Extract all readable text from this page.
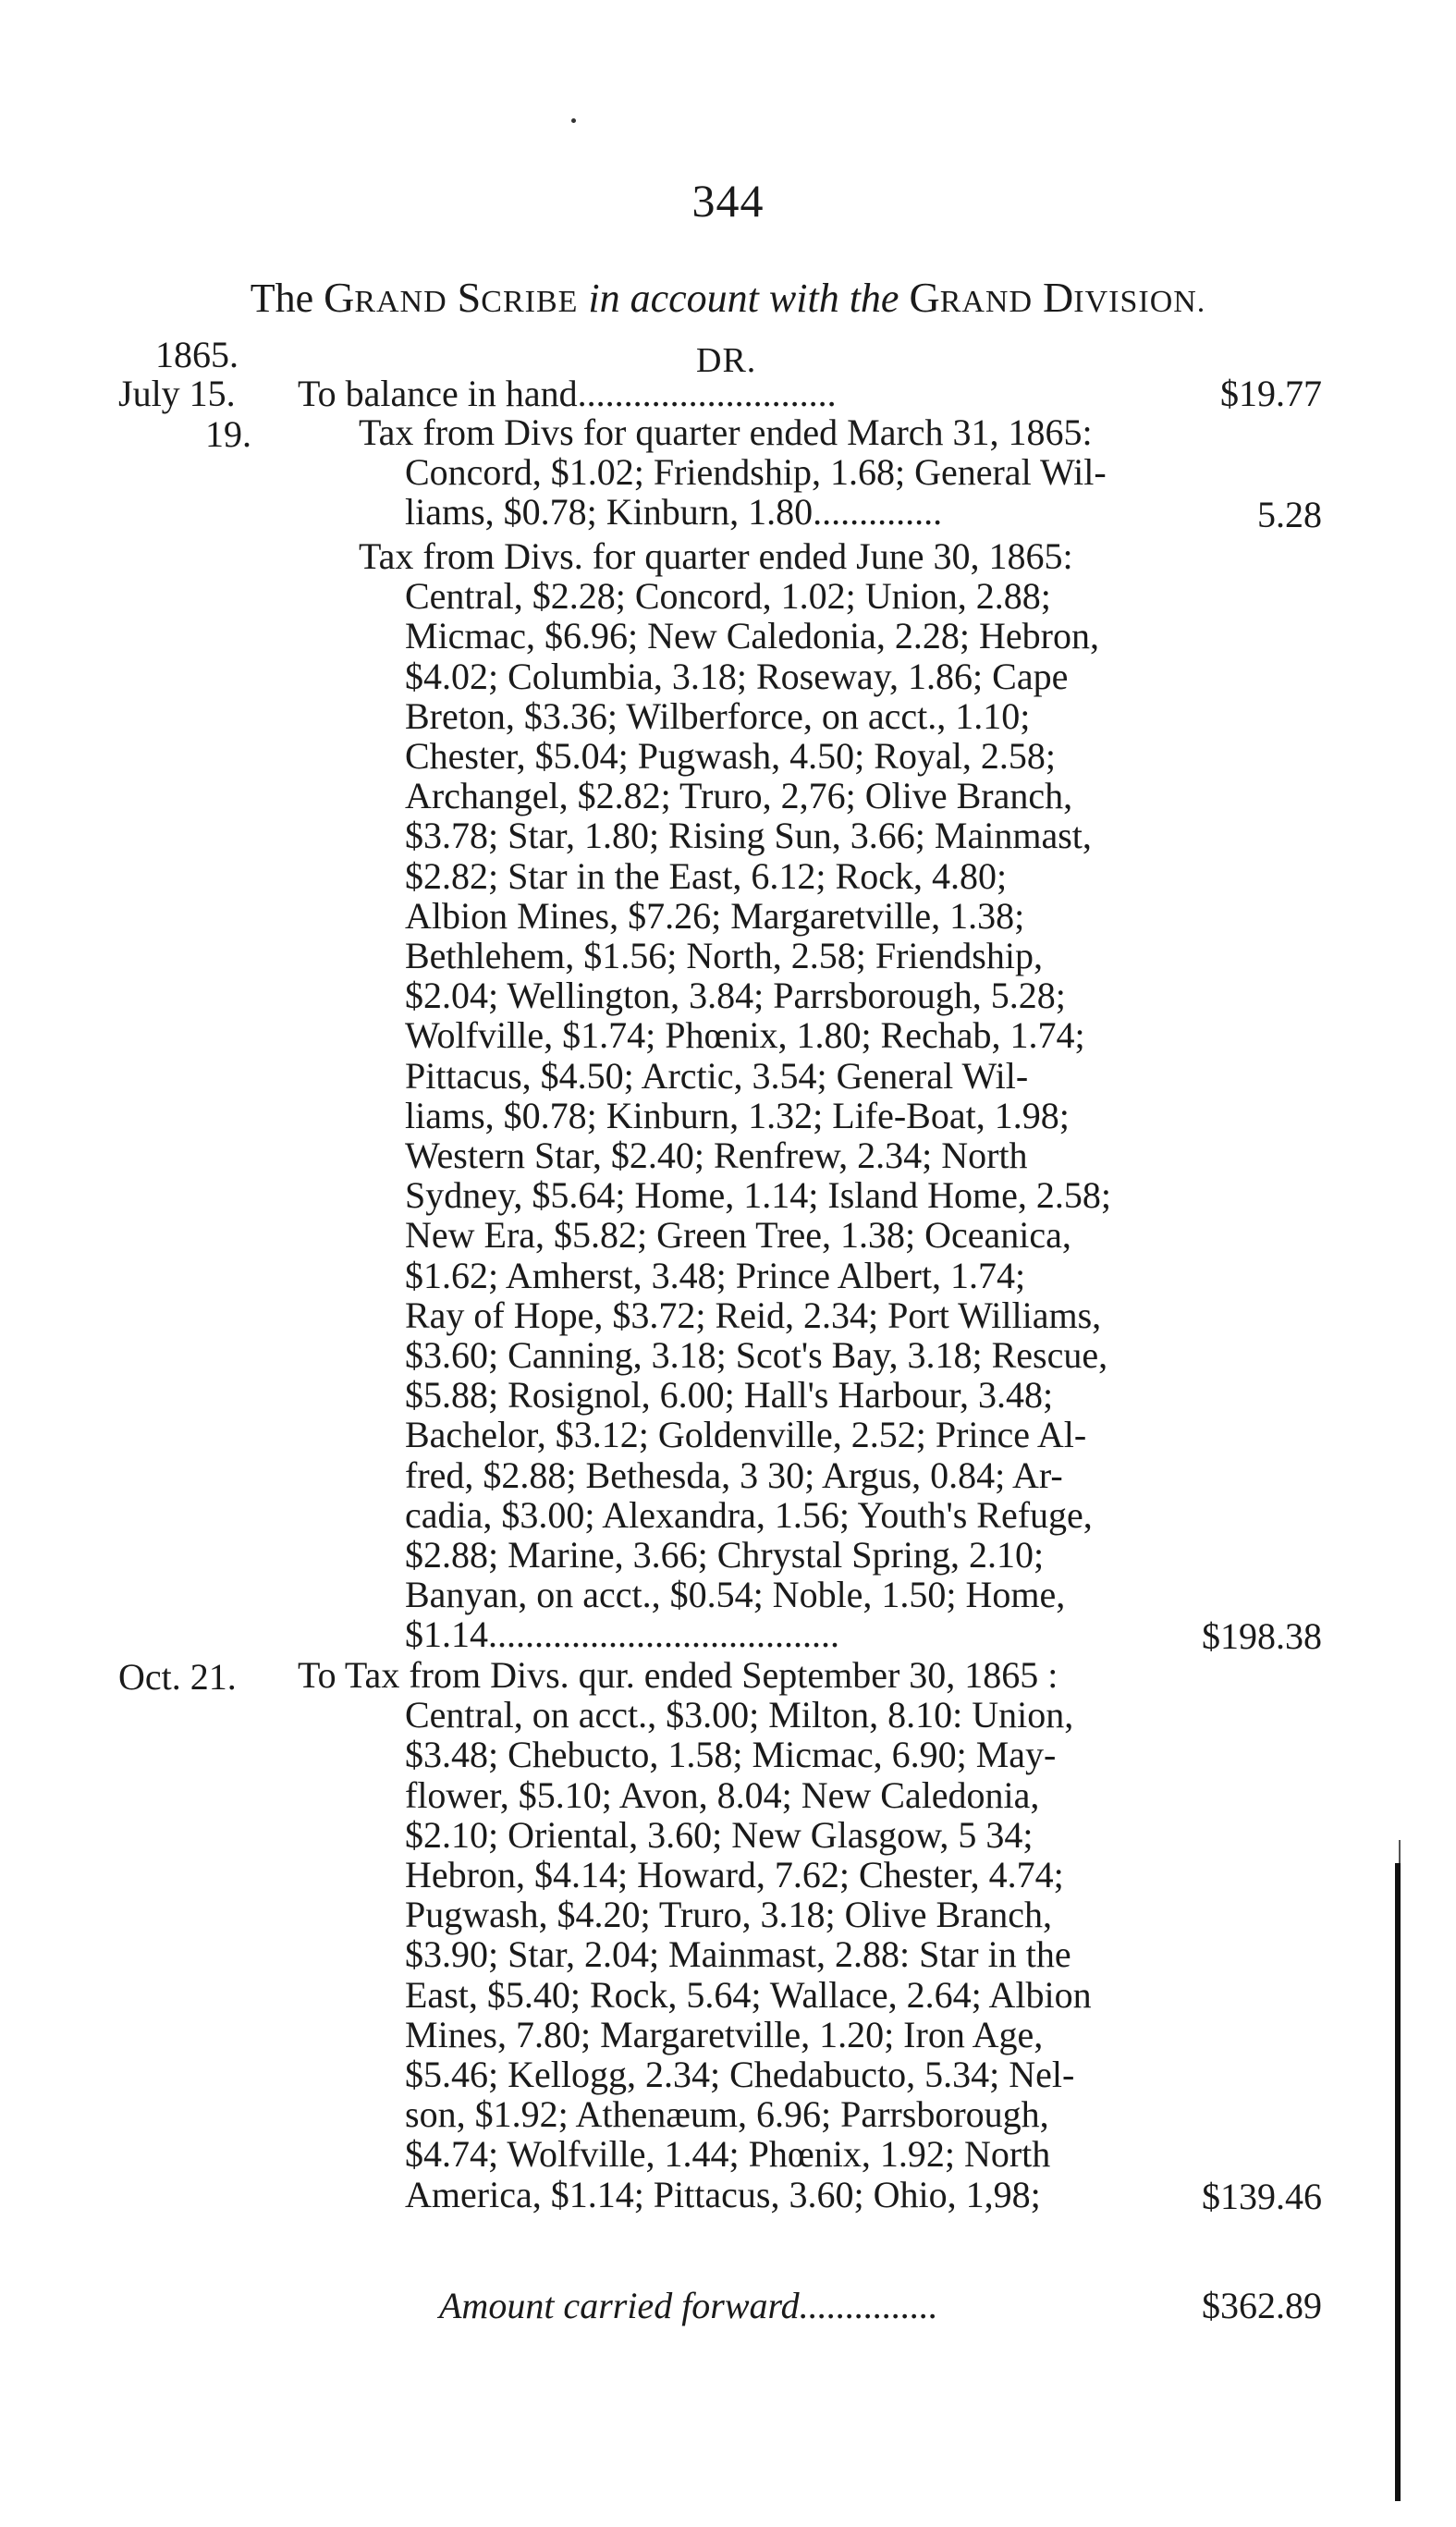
344
The GRAND SCRIBE in account with the GRAND DIVISION.
1865.	DR.
July 15. To balance in hand............................	$19.77
19.	Tax from Divs for quarter ended March 31, 1865:
Concord, $1.02; Friendship, 1.68; General Wil-
liams, $0.78; Kinburn, 1.80..............	5.28
Tax from Divs. for quarter ended June 30, 1865:
Central, $2.28; Concord, 1.02; Union, 2.88;
Micmac, $6.96; New Caledonia, 2.28; Hebron,
$4.02; Columbia, 3.18; Roseway, 1.86; Cape
Breton, $3.36; Wilberforce, on acct., 1.10;
Chester, $5.04; Pugwash, 4.50; Royal, 2.58;
Archangel, $2.82; Truro, 2,76; Olive Branch,
$3.78; Star, 1.80; Rising Sun, 3.66; Mainmast,
$2.82; Star in the East, 6.12; Rock, 4.80;
Albion Mines, $7.26; Margaretville, 1.38;
Bethlehem, $1.56; North, 2.58; Friendship,
$2.04; Wellington, 3.84; Parrsborough, 5.28;
Wolfville, $1.74; Phœnix, 1.80; Rechab, 1.74;
Pittacus, $4.50; Arctic, 3.54; General Wil-
liams, $0.78; Kinburn, 1.32; Life-Boat, 1.98;
Western Star, $2.40; Renfrew, 2.34; North
Sydney, $5.64; Home, 1.14; Island Home, 2.58;
New Era, $5.82; Green Tree, 1.38; Oceanica,
$1.62; Amherst, 3.48; Prince Albert, 1.74;
Ray of Hope, $3.72; Reid, 2.34; Port Williams,
$3.60; Canning, 3.18; Scot's Bay, 3.18; Rescue,
$5.88; Rosignol, 6.00; Hall's Harbour, 3.48;
Bachelor, $3.12; Goldenville, 2.52; Prince Al-
fred, $2.88; Bethesda, 3 30; Argus, 0.84; Ar-
cadia, $3.00; Alexandra, 1.56; Youth's Refuge,
$2.88; Marine, 3.66; Chrystal Spring, 2.10;
Banyan, on acct., $0.54; Noble, 1.50; Home,
$1.14......................................	$198.38
Oct. 21. To Tax from Divs. qur. ended September 30, 1865 :
Central, on acct., $3.00; Milton, 8.10: Union,
$3.48; Chebucto, 1.58; Micmac, 6.90; May-
flower, $5.10; Avon, 8.04; New Caledonia,
$2.10; Oriental, 3.60; New Glasgow, 5 34;
Hebron, $4.14; Howard, 7.62; Chester, 4.74;
Pugwash, $4.20; Truro, 3.18; Olive Branch,
$3.90; Star, 2.04; Mainmast, 2.88: Star in the
East, $5.40; Rock, 5.64; Wallace, 2.64; Albion
Mines, 7.80; Margaretville, 1.20; Iron Age,
$5.46; Kellogg, 2.34; Chedabucto, 5.34; Nel-
son, $1.92; Athenæum, 6.96; Parrsborough,
$4.74; Wolfville, 1.44; Phœnix, 1.92; North
America, $1.14; Pittacus, 3.60; Ohio, 1,98;	$139.46
Amount carried forward...............	$362.89
